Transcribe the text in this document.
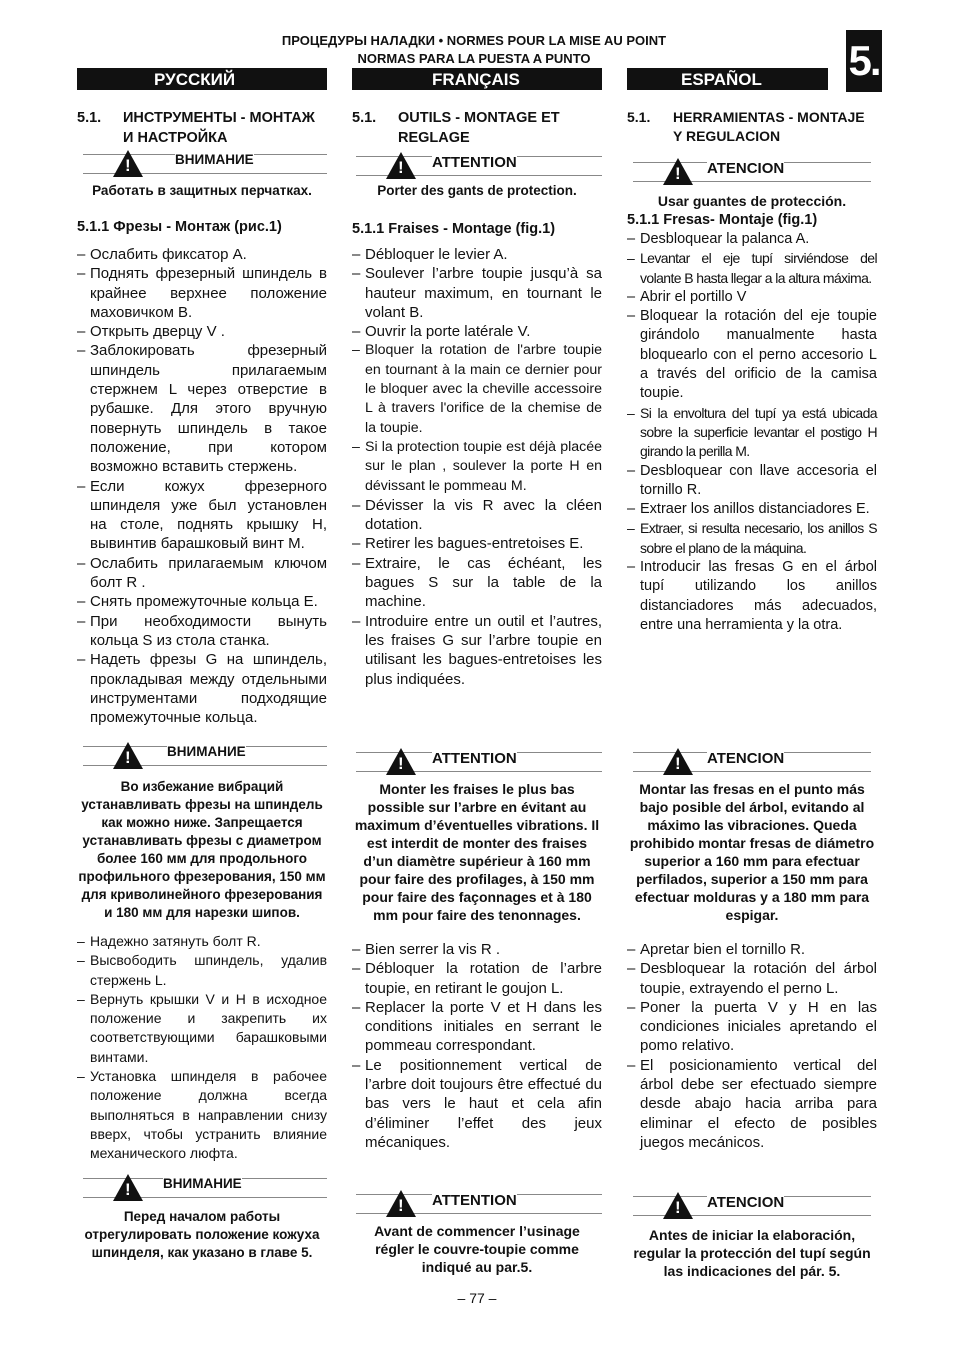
ПРОЦЕДУРЫ НАЛАДКИ • NORMES POUR LA MISE AU POINT
NORMAS PARA LA PUESTA A PUNTO	5.
РУССКИЙ	FRANÇAIS	ESPAÑOL
5.1.	ИНСТРУМЕНТЫ - МОНТАЖ И НАСТРОЙКА
!
ВНИМАНИЕ
Работать в защитных перчатках.
5.1.1 Фрезы - Монтаж (рис.1)
– Ослабить фиксатор A.
– Поднять фрезерный шпиндель в крайнее верхнее положение маховичком B.
– Открыть дверцу V .
– Заблокировать фрезерный шпиндель прилагаемым стержнем L через отверстие в рубашке. Для этого вручную повернуть шпиндель в такое положение, при котором возможно вставить стержень.
– Если кожух фрезерного шпинделя уже был установлен на столе, поднять крышку H, вывинтив барашковый винт M.
– Ослабить прилагаемым ключом болт R .
– Снять промежуточные кольца E.
– При необходимости вынуть кольца S из стола станка.
– Надеть фрезы G на шпиндель, прокладывая между отдельными инструментами подходящие промежуточные кольца.
!
ВНИМАНИЕ
Во избежание вибраций устанавливать фрезы на шпиндель как можно ниже. Запрещается устанавливать фрезы с диаметром более 160 мм для продольного профильного фрезерования, 150 мм для криволинейного фрезерования и 180 мм для нарезки шипов.
– Надежно затянуть болт R.
– Высвободить шпиндель, удалив стержень L.
– Вернуть крышки V и H в исходное положение и закрепить их соответствующими барашковыми винтами.
– Установка шпинделя в рабочее положение должна всегда выполняться в направлении снизу вверх, чтобы устранить влияние механического люфта.
!
ВНИМАНИЕ
Перед началом работы отрегулировать положение кожуха шпинделя, как указано в главе 5.
5.1.	OUTILS - MONTAGE ET REGLAGE
!
ATTENTION
Porter des gants de protection.
5.1.1 Fraises - Montage (fig.1)
– Débloquer le levier A.
– Soulever l’arbre toupie jusqu’à sa hauteur maximum, en tournant le volant B.
– Ouvrir la porte latérale V.
– Bloquer la rotation de l'arbre toupie en tournant à la main ce dernier pour le bloquer avec la cheville accessoire L à travers l'orifice de la chemise de la toupie.
– Si la protection toupie est déjà placée sur le plan , soulever la porte H en dévissant le pommeau M.
– Dévisser la vis R avec la cléen dotation.
– Retirer les bagues-entretoises E.
– Extraire, le cas échéant, les bagues S sur la table de la machine.
– Introduire entre un outil et l’autres, les fraises G sur l’arbre toupie en utilisant les bagues-entretoises les plus indiquées.
!
ATTENTION
Monter les fraises le plus bas possible sur l’arbre en évitant au maximum d’éventuelles vibrations. Il est interdit de monter des fraises d’un diamètre supérieur à 160 mm pour faire des profilages, à 150 mm pour faire des façonnages et à 180 mm pour faire des tenonnages.
– Bien serrer la vis R .
– Débloquer la rotation de l’arbre toupie, en retirant le goujon L.
– Replacer la porte V et H dans les conditions initiales en serrant le pommeau correspondant.
– Le positionnement vertical de l’arbre doit toujours être effectué du bas vers le haut et cela afin d’éliminer l’effet des jeux mécaniques.
!
ATTENTION
Avant de commencer l’usinage régler le couvre-toupie comme indiqué au par.5.
5.1.	HERRAMIENTAS - MONTAJE Y REGULACION
!
ATENCION
Usar guantes de protección.
5.1.1 Fresas- Montaje (fig.1)
– Desbloquear la palanca A.
– Levantar el eje tupí sirviéndose del volante B hasta llegar a la altura máxima.
– Abrir el portillo V
– Bloquear la rotación del eje toupie girándolo manualmente hasta bloquearlo con el perno accesorio L a través del orificio de la camisa toupie.
– Si la envoltura del tupí ya está ubicada sobre la superficie levantar el postigo H girando la perilla M.
– Desbloquear con llave accesoria el tornillo R.
– Extraer los anillos distanciadores E.
– Extraer, si resulta necesario, los anillos S sobre el plano de la máquina.
– Introducir las fresas G en el árbol tupí utilizando los anillos distanciadores más adecuados, entre una herramienta y la otra.
!
ATENCION
Montar las fresas en el punto más bajo posible del árbol, evitando al máximo las vibraciones. Queda prohibido montar fresas de diámetro superior a 160 mm para efectuar perfilados, superior a 150 mm para efectuar molduras y a 180 mm para espigar.
– Apretar bien el tornillo R.
– Desbloquear la rotación del árbol toupie, extrayendo el perno L.
– Poner la puerta V y H en las condiciones iniciales apretando el pomo relativo.
– El posicionamiento vertical del árbol debe ser efectuado siempre desde abajo hacia arriba para eliminar el efecto de posibles juegos mecánicos.
!
ATENCION
Antes de iniciar la elaboración, regular la protección del tupí según las indicaciones del pár. 5.
– 77 –
